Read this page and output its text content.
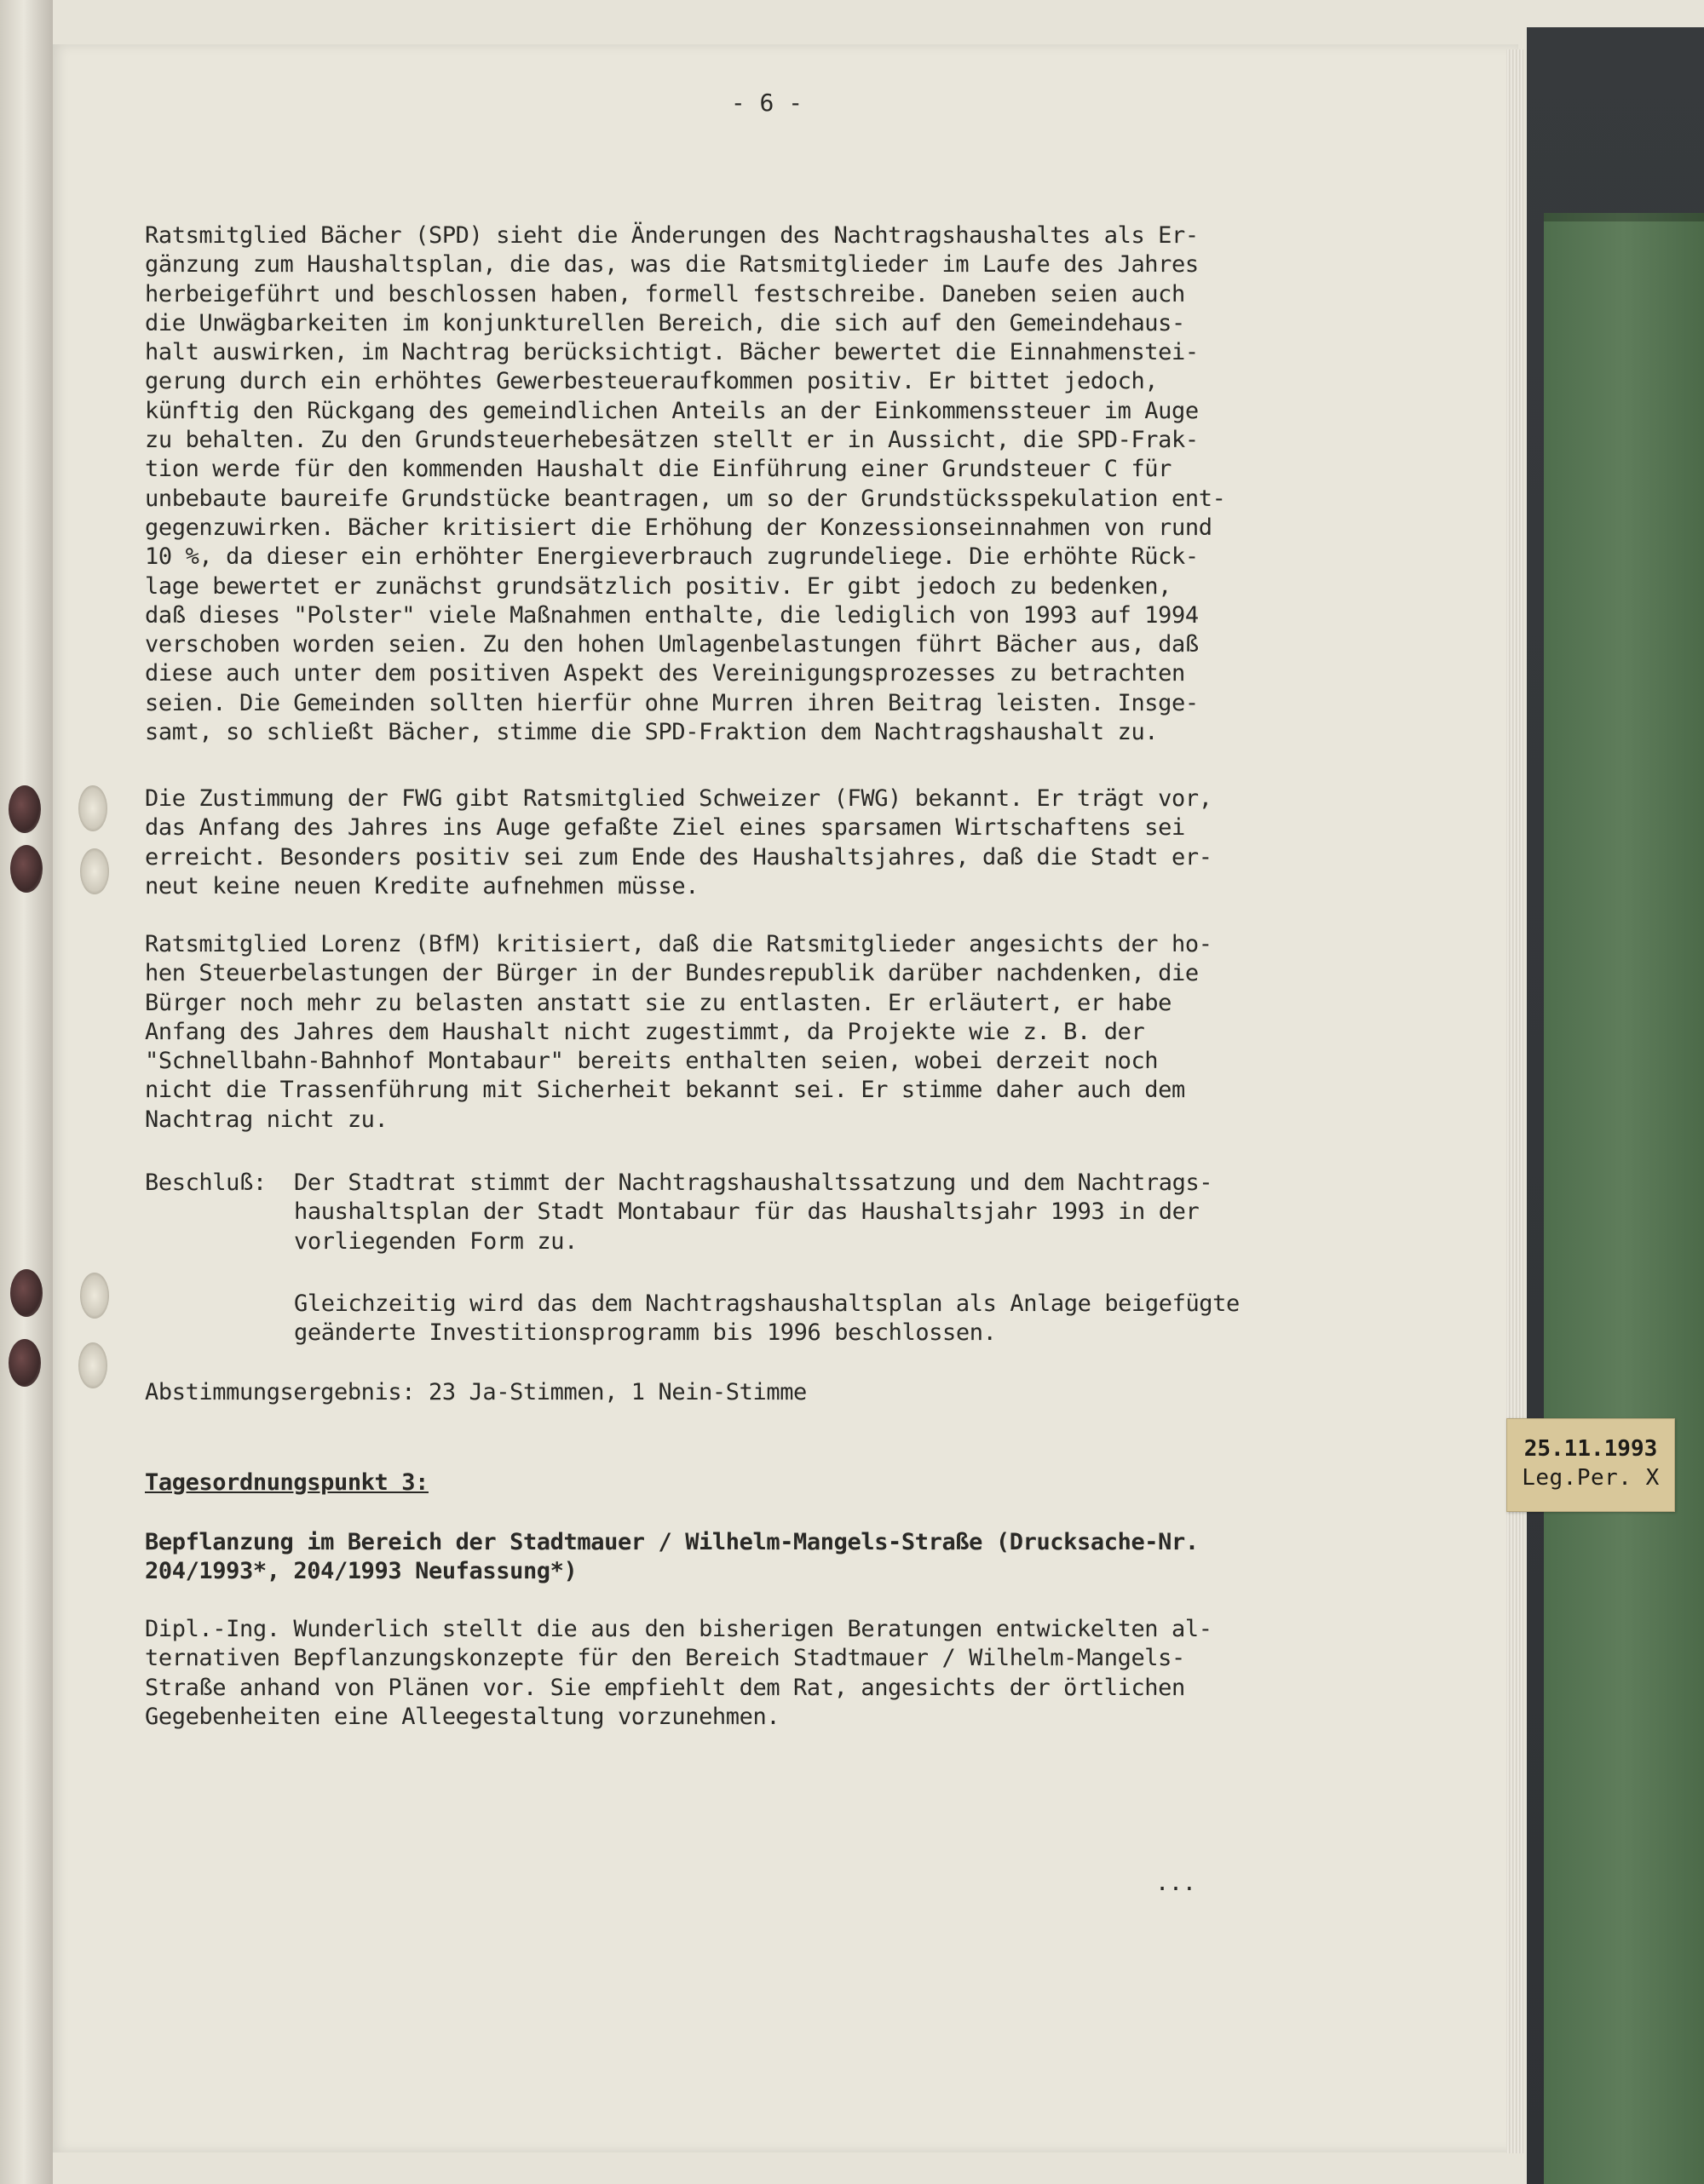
25.11.1993
Leg.Per. X
- 6 -
Ratsmitglied Bächer (SPD) sieht die Änderungen des Nachtragshaushaltes als Er-
gänzung zum Haushaltsplan, die das, was die Ratsmitglieder im Laufe des Jahres
herbeigeführt und beschlossen haben, formell festschreibe. Daneben seien auch
die Unwägbarkeiten im konjunkturellen Bereich, die sich auf den Gemeindehaus-
halt auswirken, im Nachtrag berücksichtigt. Bächer bewertet die Einnahmenstei-
gerung durch ein erhöhtes Gewerbesteueraufkommen positiv. Er bittet jedoch,
künftig den Rückgang des gemeindlichen Anteils an der Einkommenssteuer im Auge
zu behalten. Zu den Grundsteuerhebesätzen stellt er in Aussicht, die SPD-Frak-
tion werde für den kommenden Haushalt die Einführung einer Grundsteuer C für
unbebaute baureife Grundstücke beantragen, um so der Grundstücksspekulation ent-
gegenzuwirken. Bächer kritisiert die Erhöhung der Konzessionseinnahmen von rund
10 %, da dieser ein erhöhter Energieverbrauch zugrundeliege. Die erhöhte Rück-
lage bewertet er zunächst grundsätzlich positiv. Er gibt jedoch zu bedenken,
daß dieses "Polster" viele Maßnahmen enthalte, die lediglich von 1993 auf 1994
verschoben worden seien. Zu den hohen Umlagenbelastungen führt Bächer aus, daß
diese auch unter dem positiven Aspekt des Vereinigungsprozesses zu betrachten
seien. Die Gemeinden sollten hierfür ohne Murren ihren Beitrag leisten. Insge-
samt, so schließt Bächer, stimme die SPD-Fraktion dem Nachtragshaushalt zu.
Die Zustimmung der FWG gibt Ratsmitglied Schweizer (FWG) bekannt. Er trägt vor,
das Anfang des Jahres ins Auge gefaßte Ziel eines sparsamen Wirtschaftens sei
erreicht. Besonders positiv sei zum Ende des Haushaltsjahres, daß die Stadt er-
neut keine neuen Kredite aufnehmen müsse.
Ratsmitglied Lorenz (BfM) kritisiert, daß die Ratsmitglieder angesichts der ho-
hen Steuerbelastungen der Bürger in der Bundesrepublik darüber nachdenken, die
Bürger noch mehr zu belasten anstatt sie zu entlasten. Er erläutert, er habe
Anfang des Jahres dem Haushalt nicht zugestimmt, da Projekte wie z. B. der
"Schnellbahn-Bahnhof Montabaur" bereits enthalten seien, wobei derzeit noch
nicht die Trassenführung mit Sicherheit bekannt sei. Er stimme daher auch dem
Nachtrag nicht zu.
Beschluß:	Der Stadtrat stimmt der Nachtragshaushaltssatzung und dem Nachtrags-
haushaltsplan der Stadt Montabaur für das Haushaltsjahr 1993 in der
vorliegenden Form zu.
Gleichzeitig wird das dem Nachtragshaushaltsplan als Anlage beigefügte
geänderte Investitionsprogramm bis 1996 beschlossen.
Abstimmungsergebnis: 23 Ja-Stimmen, 1 Nein-Stimme
Tagesordnungspunkt 3:
Bepflanzung im Bereich der Stadtmauer / Wilhelm-Mangels-Straße (Drucksache-Nr.
204/1993*, 204/1993 Neufassung*)
Dipl.-Ing. Wunderlich stellt die aus den bisherigen Beratungen entwickelten al-
ternativen Bepflanzungskonzepte für den Bereich Stadtmauer / Wilhelm-Mangels-
Straße anhand von Plänen vor. Sie empfiehlt dem Rat, angesichts der örtlichen
Gegebenheiten eine Alleegestaltung vorzunehmen.
...
